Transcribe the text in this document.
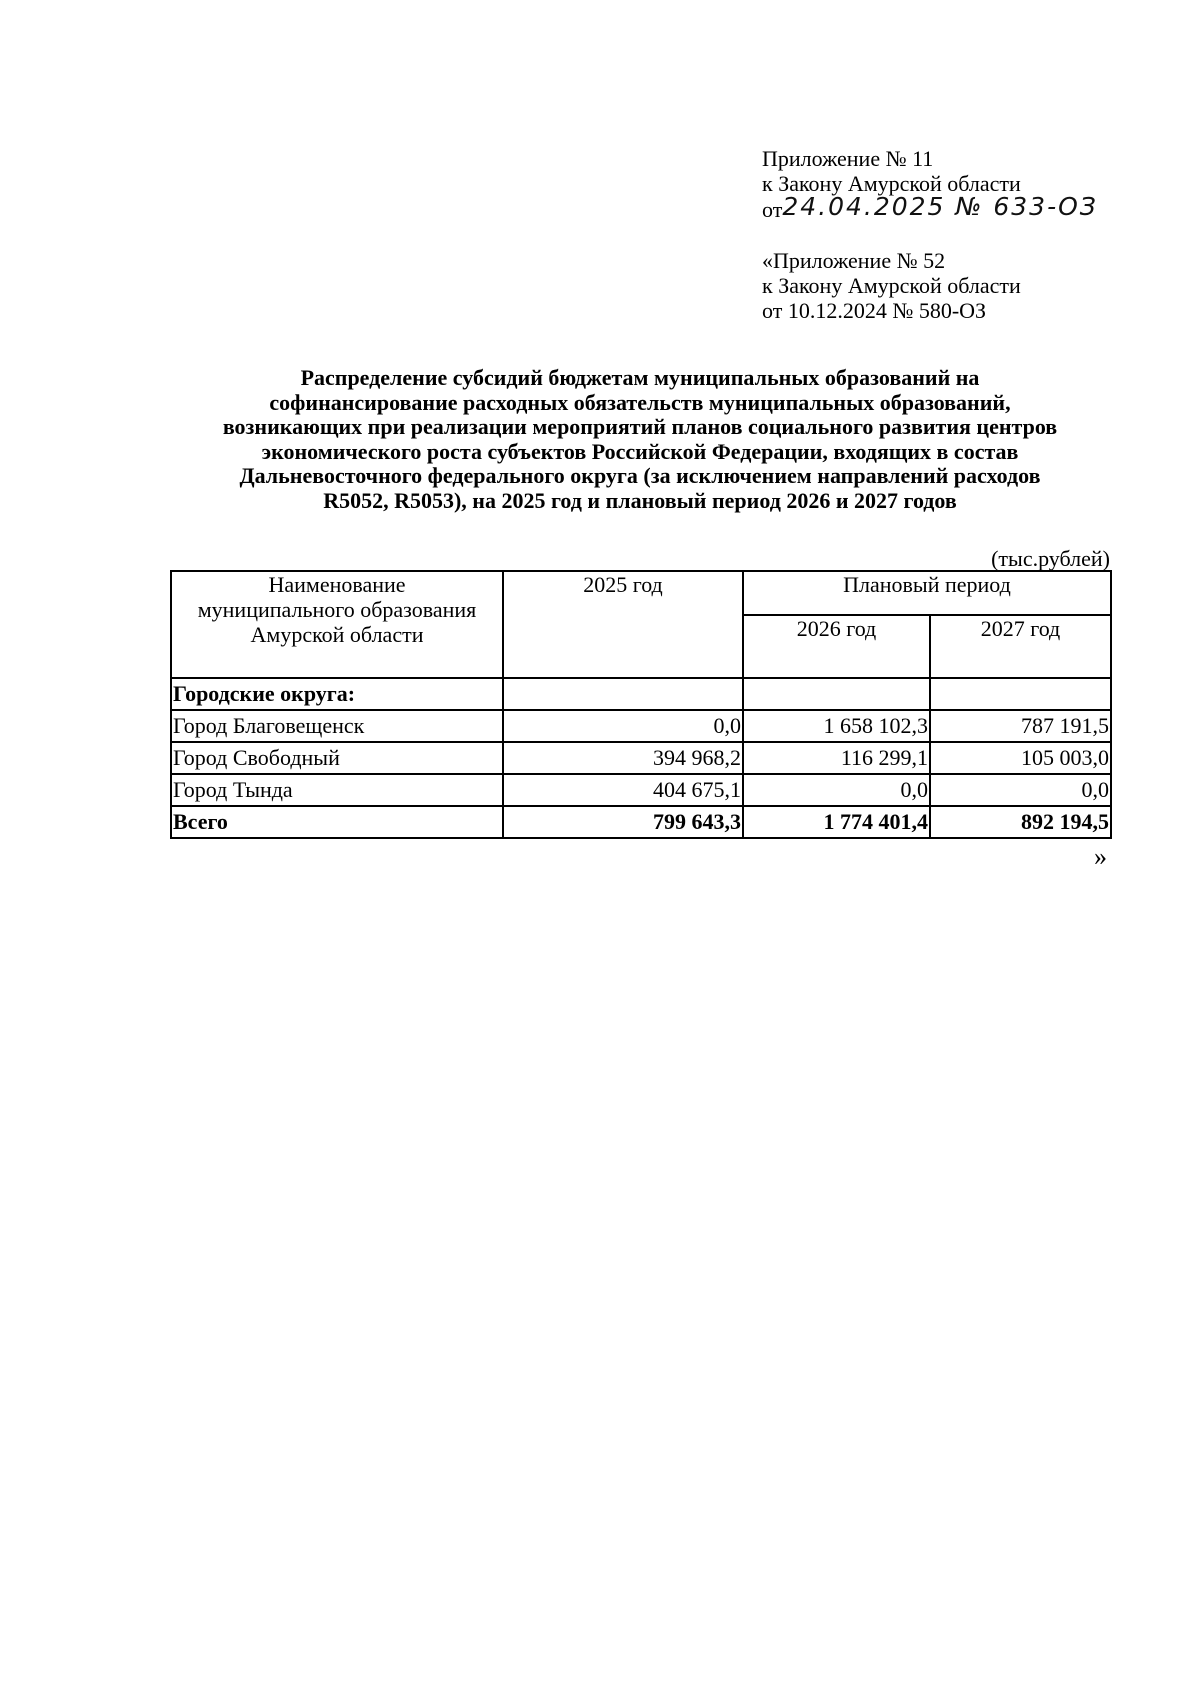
Приложение № 11
к Закону Амурской области
от24.04.2025 № 633-ОЗ
«Приложение № 52
к Закону Амурской области
от 10.12.2024 № 580-ОЗ
Распределение субсидий бюджетам муниципальных образований на
софинансирование расходных обязательств муниципальных образований,
возникающих при реализации мероприятий планов социального развития центров
экономического роста субъектов Российской Федерации, входящих в состав
Дальневосточного федерального округа (за исключением направлений расходов
R5052, R5053), на 2025 год и плановый период 2026 и 2027 годов
(тыс.рублей)
Наименование
муниципального образования
Амурской области	2025 год	Плановый период	
		2026 год	2027 год
Городские округа:			
Город Благовещенск	0,0	1 658 102,3	787 191,5
Город Свободный	394 968,2	116 299,1	105 003,0
Город Тында	404 675,1	0,0	0,0
Всего	799 643,3	1 774 401,4	892 194,5
»
